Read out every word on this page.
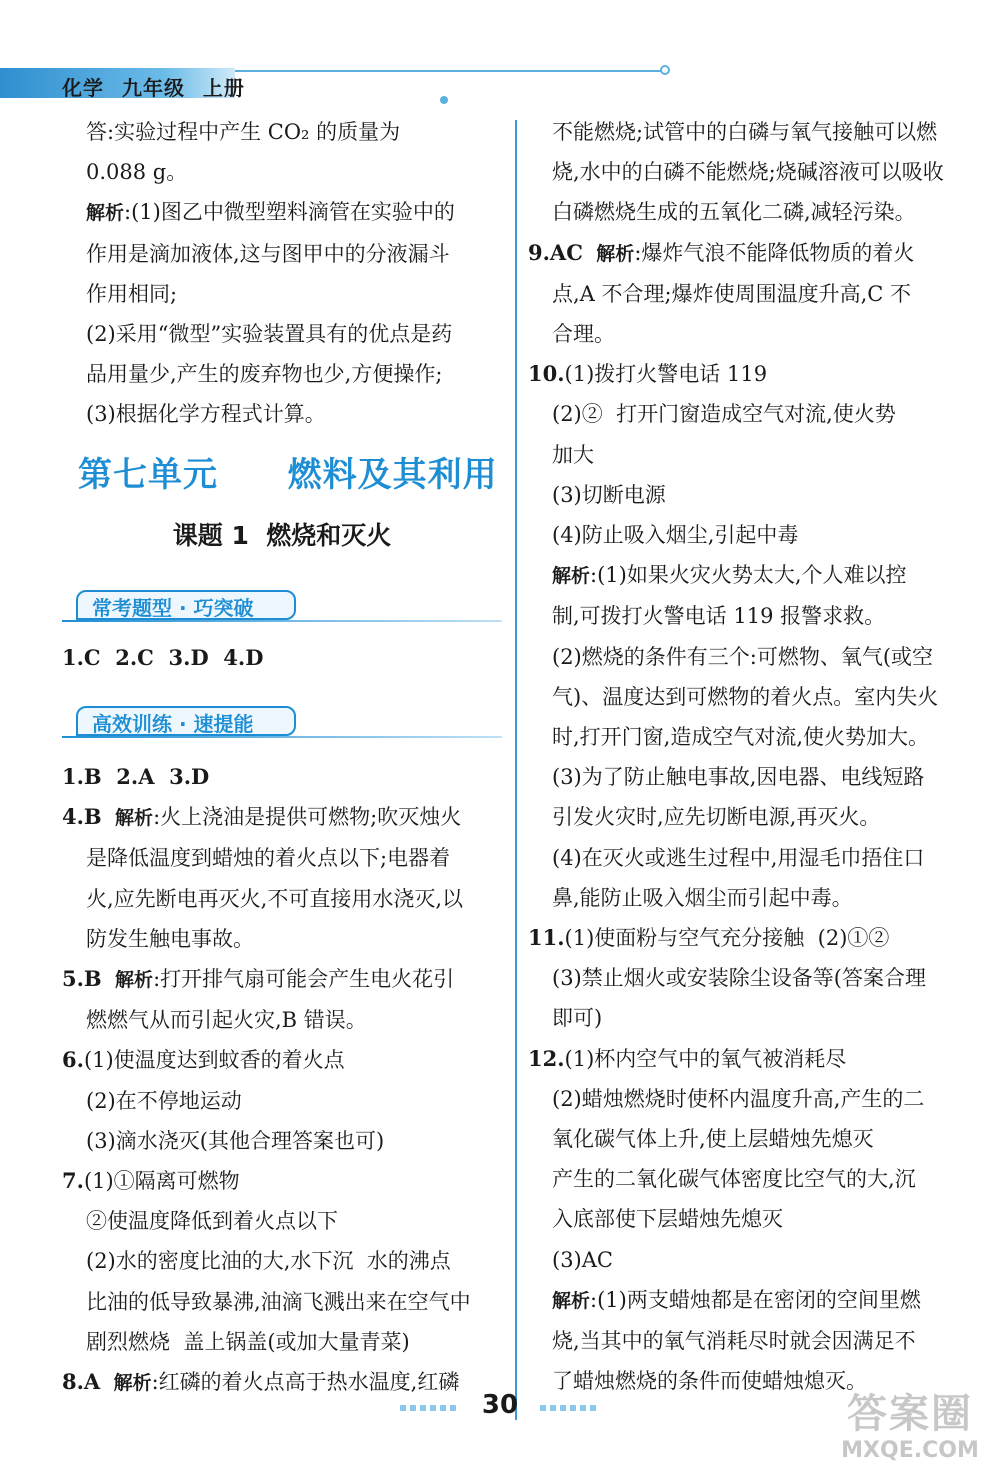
化学 九年级 上册

答:实验过程中产生 CO₂ 的质量为

0.088 g。

解析:(1)图乙中微型塑料滴管在实验中的

作用是滴加液体,这与图甲中的分液漏斗

作用相同;

(2)采用“微型”实验装置具有的优点是药

品用量少,产生的废弃物也少,方便操作;

(3)根据化学方程式计算。

第七单元  燃料及其利用
课题 1  燃烧和灭火
常考题型 · 巧突破

1.C  2.C  3.D  4.D

高效训练 · 速提能

1.B  2.A  3.D

4.B 解析:火上浇油是提供可燃物;吹灭烛火

是降低温度到蜡烛的着火点以下;电器着

火,应先断电再灭火,不可直接用水浇灭,以

防发生触电事故。

5.B 解析:打开排气扇可能会产生电火花引

燃燃气从而引起火灾,B 错误。

6.(1)使温度达到蚊香的着火点

(2)在不停地运动

(3)滴水浇灭(其他合理答案也可)

7.(1)①隔离可燃物

②使温度降低到着火点以下

(2)水的密度比油的大,水下沉  水的沸点

比油的低导致暴沸,油滴飞溅出来在空气中

剧烈燃烧  盖上锅盖(或加大量青菜)

8.A 解析:红磷的着火点高于热水温度,红磷

不能燃烧;试管中的白磷与氧气接触可以燃

烧,水中的白磷不能燃烧;烧碱溶液可以吸收

白磷燃烧生成的五氧化二磷,减轻污染。

9.AC 解析:爆炸气浪不能降低物质的着火

点,A 不合理;爆炸使周围温度升高,C 不

合理。

10.(1)拨打火警电话 119

(2)②  打开门窗造成空气对流,使火势

加大

(3)切断电源

(4)防止吸入烟尘,引起中毒

解析:(1)如果火灾火势太大,个人难以控

制,可拨打火警电话 119 报警求救。

(2)燃烧的条件有三个:可燃物、氧气(或空

气)、温度达到可燃物的着火点。室内失火

时,打开门窗,造成空气对流,使火势加大。

(3)为了防止触电事故,因电器、电线短路

引发火灾时,应先切断电源,再灭火。

(4)在灭火或逃生过程中,用湿毛巾捂住口

鼻,能防止吸入烟尘而引起中毒。

11.(1)使面粉与空气充分接触  (2)①②

(3)禁止烟火或安装除尘设备等(答案合理

即可)

12.(1)杯内空气中的氧气被消耗尽

(2)蜡烛燃烧时使杯内温度升高,产生的二

氧化碳气体上升,使上层蜡烛先熄灭

产生的二氧化碳气体密度比空气的大,沉

入底部使下层蜡烛先熄灭

(3)AC

解析:(1)两支蜡烛都是在密闭的空间里燃

烧,当其中的氧气消耗尽时就会因满足不

了蜡烛燃烧的条件而使蜡烛熄灭。

30	答案圈
MXQE.COM
